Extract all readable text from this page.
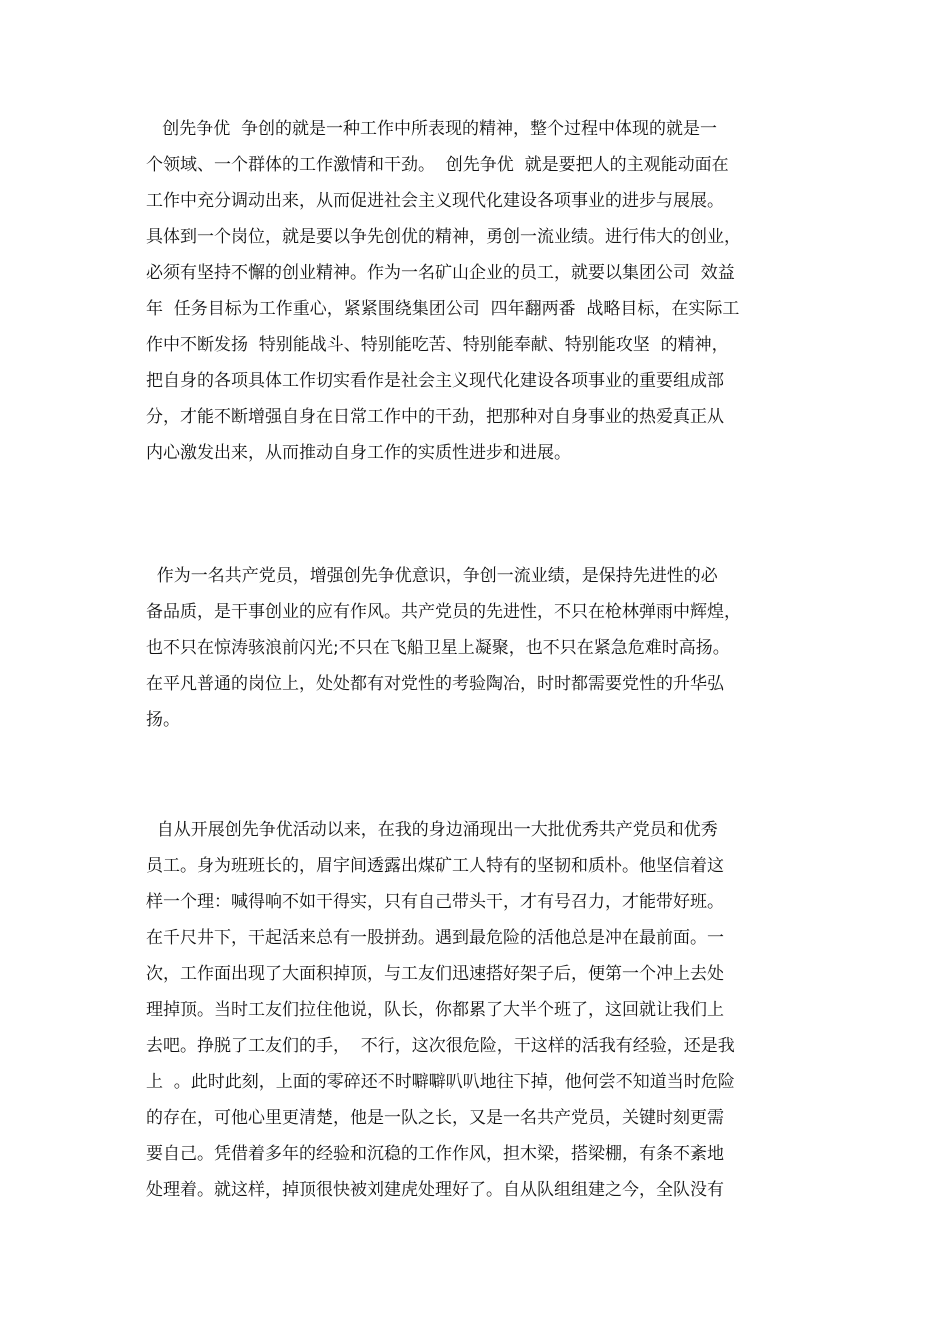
创先争优  争创的就是一种工作中所表现的精神，整个过程中体现的就是一
个领域、一个群体的工作激情和干劲。  创先争优  就是要把人的主观能动面在
工作中充分调动出来，从而促进社会主义现代化建设各项事业的进步与展展。
具体到一个岗位，就是要以争先创优的精神，勇创一流业绩。进行伟大的创业，
必须有坚持不懈的创业精神。作为一名矿山企业的员工，就要以集团公司  效益
年  任务目标为工作重心，紧紧围绕集团公司  四年翻两番  战略目标，在实际工
作中不断发扬  特别能战斗、特别能吃苦、特别能奉献、特别能攻坚  的精神，
把自身的各项具体工作切实看作是社会主义现代化建设各项事业的重要组成部
分，才能不断增强自身在日常工作中的干劲，把那种对自身事业的热爱真正从
内心激发出来，从而推动自身工作的实质性进步和进展。
作为一名共产党员，增强创先争优意识，争创一流业绩，是保持先进性的必
备品质，是干事创业的应有作风。共产党员的先进性，不只在枪林弹雨中辉煌，
也不只在惊涛骇浪前闪光;不只在飞船卫星上凝聚，也不只在紧急危难时高扬。
在平凡普通的岗位上，处处都有对党性的考验陶冶，时时都需要党性的升华弘
扬。
自从开展创先争优活动以来，在我的身边涌现出一大批优秀共产党员和优秀
员工。身为班班长的，眉宇间透露出煤矿工人特有的坚韧和质朴。他坚信着这
样一个理：喊得响不如干得实，只有自己带头干，才有号召力，才能带好班。
在千尺井下，干起活来总有一股拼劲。遇到最危险的活他总是冲在最前面。一
次，工作面出现了大面积掉顶，与工友们迅速搭好架子后，便第一个冲上去处
理掉顶。当时工友们拉住他说，队长，你都累了大半个班了，这回就让我们上
去吧。挣脱了工友们的手，  不行，这次很危险，干这样的活我有经验，还是我
上  。此时此刻，上面的零碎还不时噼噼叭叭地往下掉，他何尝不知道当时危险
的存在，可他心里更清楚，他是一队之长，又是一名共产党员，关键时刻更需
要自己。凭借着多年的经验和沉稳的工作作风，担木梁，搭梁棚，有条不紊地
处理着。就这样，掉顶很快被刘建虎处理好了。自从队组组建之今，全队没有
